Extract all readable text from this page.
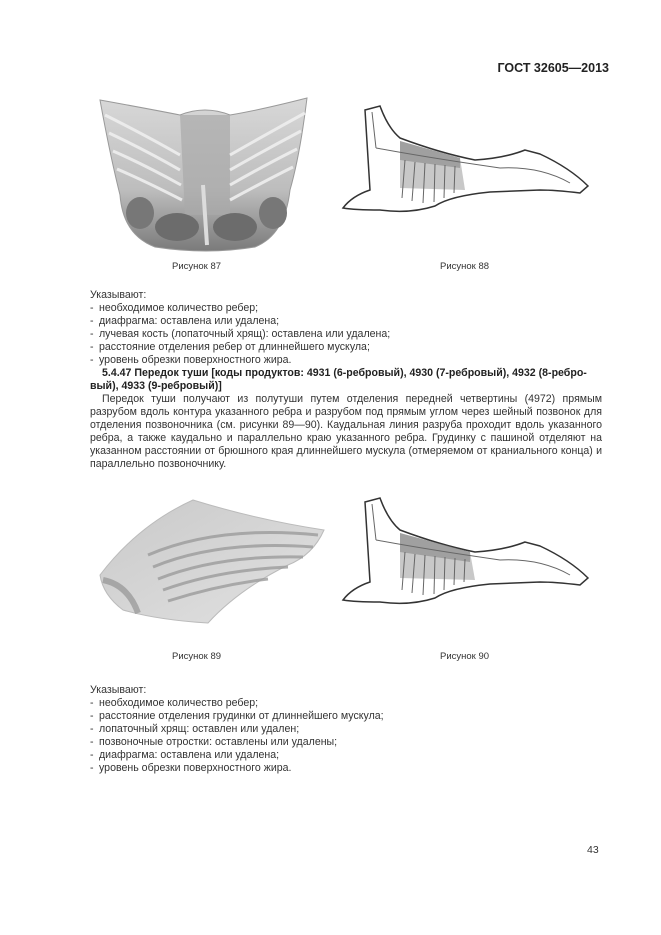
ГОСТ 32605—2013
Рисунок 87	Рисунок 88

Указывают:

- необходимое количество ребер;

- диафрагма: оставлена или удалена;

- лучевая кость (лопаточный хрящ): оставлена или удалена;

- расстояние отделения ребер от длиннейшего мускула;

- уровень обрезки поверхностного жира.

5.4.47 Передок туши [коды продуктов: 4931 (6-ребровый), 4930 (7-ребровый), 4932 (8-ребро-

вый), 4933 (9-ребровый)]

Передок туши получают из полутуши путем отделения передней четвертины (4972) прямым разрубом вдоль контура указанного ребра и разрубом под прямым углом через шейный позвонок для отделения позвоночника (см. рисунки 89—90). Каудальная линия разруба проходит вдоль указанного ребра, а также каудально и параллельно краю указанного ребра. Грудинку с пашиной отделяют на указанном расстоянии от брюшного края длиннейшего мускула (отмеряемом от краниального конца) и параллельно позвоночнику.

Рисунок 89	Рисунок 90

Указывают:

- необходимое количество ребер;

- расстояние отделения грудинки от длиннейшего мускула;

- лопаточный хрящ: оставлен или удален;

- позвоночные отростки: оставлены или удалены;

- диафрагма: оставлена или удалена;

- уровень обрезки поверхностного жира.

43
